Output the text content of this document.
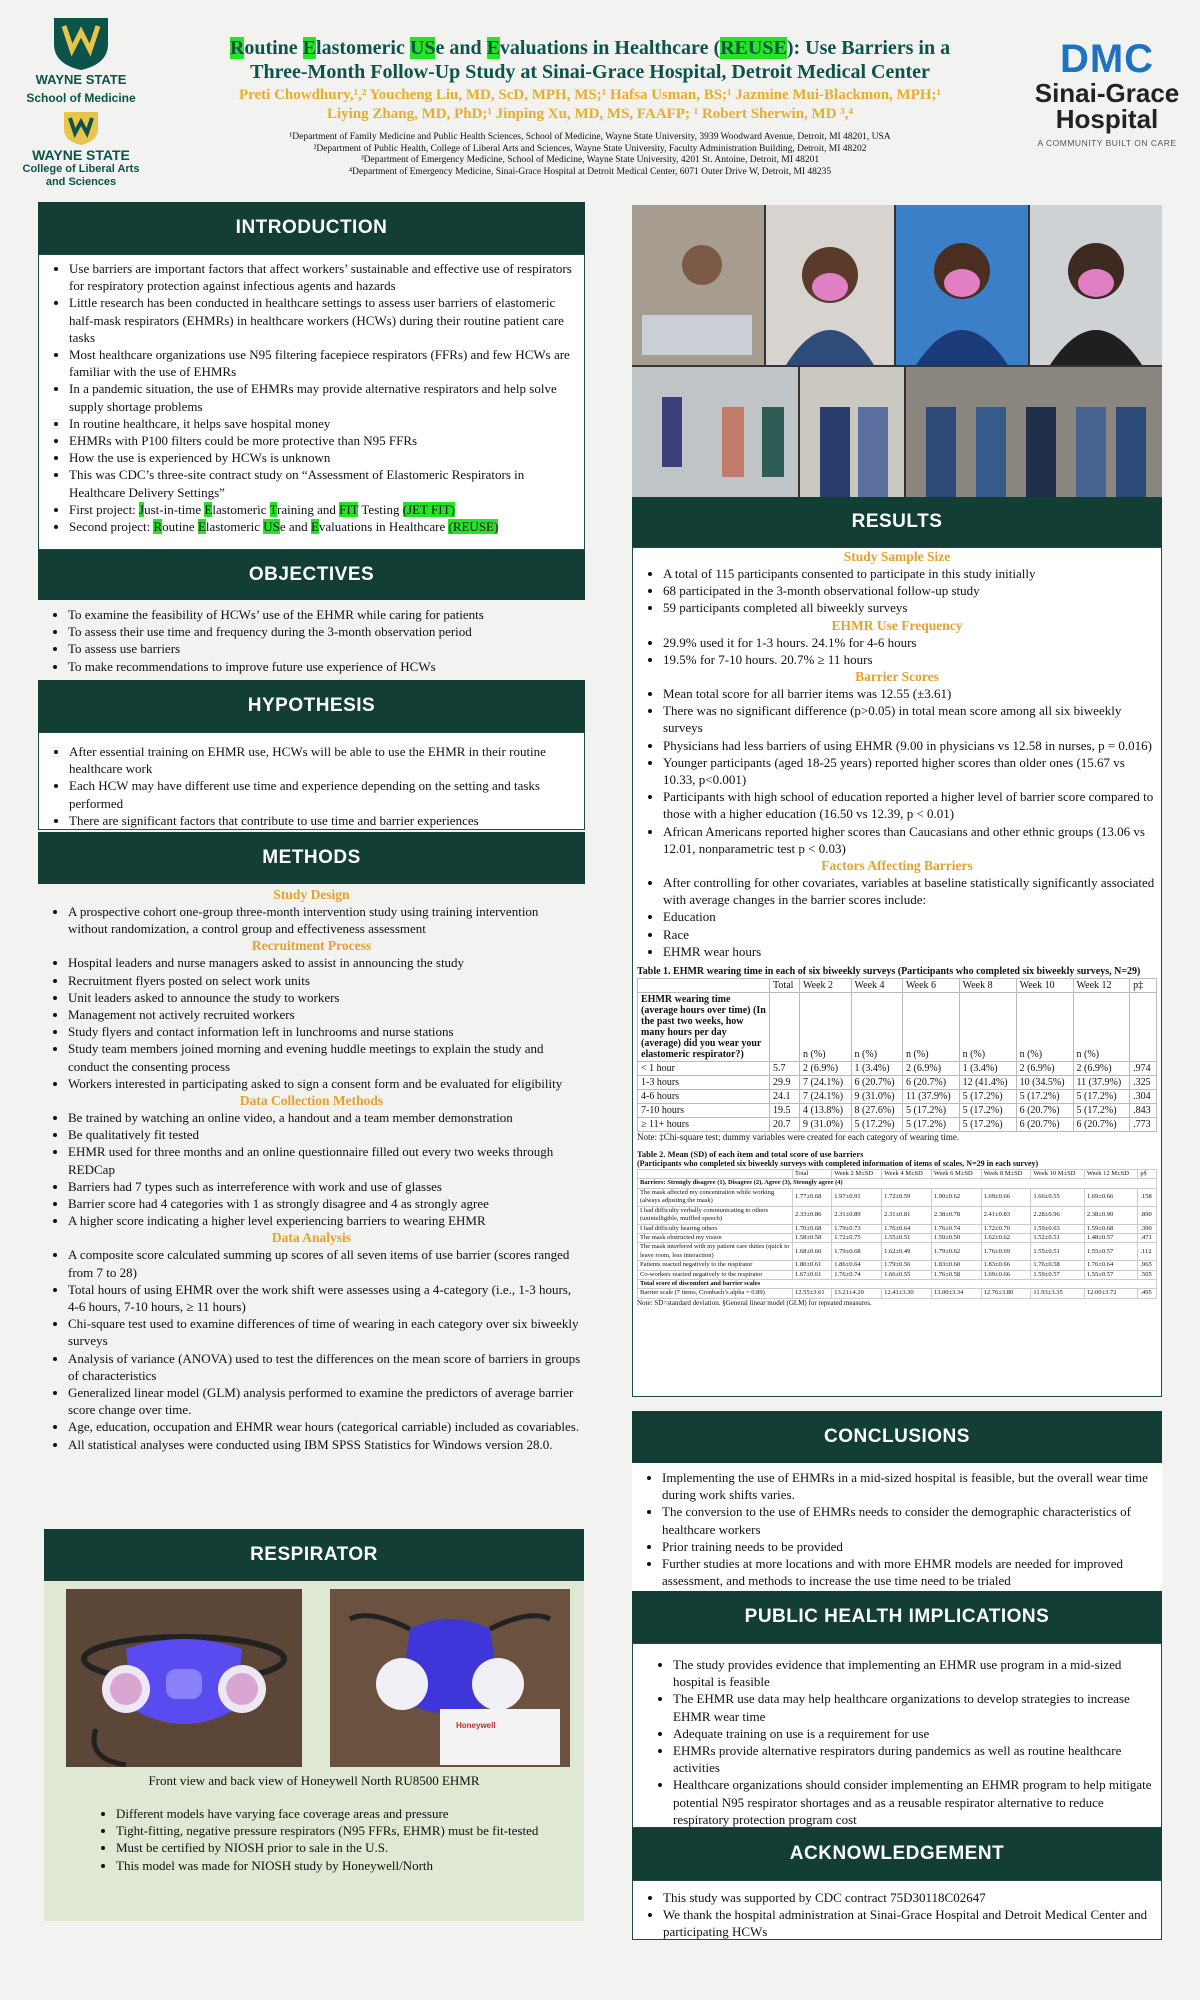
WAYNE STATE
School of Medicine
WAYNE STATE
College of Liberal Arts
and Sciences
Routine Elastomeric USe and Evaluations in Healthcare (REUSE): Use Barriers in a
Three-Month Follow-Up Study at Sinai-Grace Hospital, Detroit Medical Center
Preti Chowdhury,¹,² Youcheng Liu, MD, ScD, MPH, MS;¹ Hafsa Usman, BS;¹ Jazmine Mui-Blackmon, MPH;¹
Liying Zhang, MD, PhD;¹ Jinping Xu, MD, MS, FAAFP; ¹ Robert Sherwin, MD ³,⁴
¹Department of Family Medicine and Public Health Sciences, School of Medicine, Wayne State University, 3939 Woodward Avenue, Detroit, MI 48201, USA
²Department of Public Health, College of Liberal Arts and Sciences, Wayne State University, Faculty Administration Building, Detroit, MI 48202
³Department of Emergency Medicine, School of Medicine, Wayne State University, 4201 St. Antoine, Detroit, MI 48201
⁴Department of Emergency Medicine, Sinai-Grace Hospital at Detroit Medical Center, 6071 Outer Drive W, Detroit, MI 48235
DMC
Sinai-Grace
Hospital
A COMMUNITY BUILT ON CARE
INTRODUCTION
• Use barriers are important factors that affect workers’ sustainable and effective use of respirators for respiratory protection against infectious agents and hazards
• Little research has been conducted in healthcare settings to assess user barriers of elastomeric half-mask respirators (EHMRs) in healthcare workers (HCWs) during their routine patient care tasks
• Most healthcare organizations use N95 filtering facepiece respirators (FFRs) and few HCWs are familiar with the use of EHMRs
• In a pandemic situation, the use of EHMRs may provide alternative respirators and help solve supply shortage problems
• In routine healthcare, it helps save hospital money
• EHMRs with P100 filters could be more protective than N95 FFRs
• How the use is experienced by HCWs is unknown
• This was CDC’s three-site contract study on “Assessment of Elastomeric Respirators in Healthcare Delivery Settings”
• First project: Just-in-time Elastomeric Training and FIT Testing (JET FIT)
• Second project: Routine Elastomeric USe and Evaluations in Healthcare (REUSE)
OBJECTIVES
• To examine the feasibility of HCWs’ use of the EHMR while caring for patients
• To assess their use time and frequency during the 3-month observation period
• To assess use barriers
• To make recommendations to improve future use experience of HCWs
HYPOTHESIS
• After essential training on EHMR use, HCWs will be able to use the EHMR in their routine healthcare work
• Each HCW may have different use time and experience depending on the setting and tasks performed
• There are significant factors that contribute to use time and barrier experiences
METHODS
Study Design
• A prospective cohort one-group three-month intervention study using training intervention without randomization, a control group and effectiveness assessment
Recruitment Process
• Hospital leaders and nurse managers asked to assist in announcing the study
• Recruitment flyers posted on select work units
• Unit leaders asked to announce the study to workers
• Management not actively recruited workers
• Study flyers and contact information left in lunchrooms and nurse stations
• Study team members joined morning and evening huddle meetings to explain the study and conduct the consenting process
• Workers interested in participating asked to sign a consent form and be evaluated for eligibility
Data Collection Methods
• Be trained by watching an online video, a handout and a team member demonstration
• Be qualitatively fit tested
• EHMR used for three months and an online questionnaire filled out every two weeks through REDCap
• Barriers had 7 types such as interreference with work and use of glasses
• Barrier score had 4 categories with 1 as strongly disagree and 4 as strongly agree
• A higher score indicating a higher level experiencing barriers to wearing EHMR
Data Analysis
• A composite score calculated summing up scores of all seven items of use barrier (scores ranged from 7 to 28)
• Total hours of using EHMR over the work shift were assesses using a 4-category (i.e., 1-3 hours, 4-6 hours, 7-10 hours, ≥ 11 hours)
• Chi-square test used to examine differences of time of wearing in each category over six biweekly surveys
• Analysis of variance (ANOVA) used to test the differences on the mean score of barriers in groups of characteristics
• Generalized linear model (GLM) analysis performed to examine the predictors of average barrier score change over time.
• Age, education, occupation and EHMR wear hours (categorical carriable) included as covariables.
• All statistical analyses were conducted using IBM SPSS Statistics for Windows version 28.0.
RESPIRATOR
Honeywell
Front view and back view of Honeywell North RU8500 EHMR
• Different models have varying face coverage areas and pressure
• Tight-fitting, negative pressure respirators (N95 FFRs, EHMR) must be fit-tested
• Must be certified by NIOSH prior to sale in the U.S.
• This model was made for NIOSH study by Honeywell/North
RESULTS
Study Sample Size
• A total of 115 participants consented to participate in this study initially
• 68 participated in the 3-month observational follow-up study
• 59 participants completed all biweekly surveys
EHMR Use Frequency
• 29.9% used it for 1-3 hours. 24.1% for 4-6 hours
• 19.5% for 7-10 hours. 20.7% ≥ 11 hours
Barrier Scores
• Mean total score for all barrier items was 12.55 (±3.61)
• There was no significant difference (p>0.05) in total mean score among all six biweekly surveys
• Physicians had less barriers of using EHMR (9.00 in physicians vs 12.58 in nurses, p = 0.016)
• Younger participants (aged 18-25 years) reported higher scores than older ones (15.67 vs 10.33, p<0.001)
• Participants with high school of education reported a higher level of barrier score compared to those with a higher education (16.50 vs 12.39, p < 0.01)
• African Americans reported higher scores than Caucasians and other ethnic groups (13.06 vs 12.01, nonparametric test p < 0.03)
Factors Affecting Barriers
• After controlling for other covariates, variables at baseline statistically significantly associated with average changes in the barrier scores include:
• Education
• Race
• EHMR wear hours
Table 1. EHMR wearing time in each of six biweekly surveys (Participants who completed six biweekly surveys, N=29)
	Total	Week 2	Week 4	Week 6	Week 8	Week 10	Week 12	p‡
EHMR wearing time (average hours over time) (In the past two weeks, how many hours per day (average) did you wear your elastomeric respirator?)		n (%)	n (%)	n (%)	n (%)	n (%)	n (%)	
< 1 hour	5.7	2 (6.9%)	1 (3.4%)	2 (6.9%)	1 (3.4%)	2 (6.9%)	2 (6.9%)	.974
1-3 hours	29.9	7 (24.1%)	6 (20.7%)	6 (20.7%)	12 (41.4%)	10 (34.5%)	11 (37.9%)	.325
4-6 hours	24.1	7 (24.1%)	9 (31.0%)	11 (37.9%)	5 (17.2%)	5 (17.2%)	5 (17.2%)	.304
7-10 hours	19.5	4 (13.8%)	8 (27.6%)	5 (17.2%)	5 (17.2%)	6 (20.7%)	5 (17.2%)	.843
≥ 11+ hours	20.7	9 (31.0%)	5 (17.2%)	5 (17.2%)	5 (17.2%)	6 (20.7%)	6 (20.7%)	.773
Note: ‡Chi-square test; dummy variables were created for each category of wearing time.
Table 2. Mean (SD) of each item and total score of use barriers
(Participants who completed six biweekly surveys with completed information of items of scales, N=29 in each survey)
	Total	Week 2 M±SD	Week 4 M±SD	Week 6 M±SD	Week 8 M±SD	Week 10 M±SD	Week 12 M±SD	p§
Barriers: Strongly disagree (1), Disagree (2), Agree (3), Strongly agree (4)								
The mask affected my concentration while working (always adjusting the mask)	1.77±0.68	1.97±0.91	1.72±0.59	1.90±0.62	1.69±0.66	1.66±0.55	1.69±0.66	.158
I had difficulty verbally communicating to others (unintelligible, muffled speech)	2.33±0.86	2.31±0.89	2.31±0.81	2.38±0.78	2.41±0.83	2.28±0.96	2.38±0.90	.890
I had difficulty hearing others	1.70±0.68	1.79±0.73	1.76±0.64	1.76±0.74	1.72±0.70	1.59±0.63	1.59±0.68	.390
The mask obstructed my vision	1.58±0.58	1.72±0.75	1.55±0.51	1.59±0.50	1.62±0.62	1.52±0.51	1.48±0.57	.471
The mask interfered with my patient care duties (quick to leave room, less interaction)	1.68±0.60	1.79±0.68	1.62±0.49	1.79±0.62	1.76±0.69	1.55±0.51	1.55±0.57	.112
Patients reacted negatively to the respirator	1.80±0.61	1.86±0.64	1.79±0.56	1.83±0.60	1.83±0.66	1.76±0.58	1.76±0.64	.965
Co-workers reacted negatively to the respirator	1.67±0.61	1.76±0.74	1.66±0.55	1.76±0.58	1.69±0.66	1.59±0.57	1.55±0.57	.505
Total score of discomfort and barrier scales								
Barrier scale (7 items, Cronbach’s alpha = 0.89)	12.55±3.61	13.21±4.20	12.41±3.30	13.00±3.34	12.76±3.80	11.93±3.35	12.00±3.72	.495
Note: SD=standard deviation. §General linear model (GLM) for repeated measures.
CONCLUSIONS
• Implementing the use of EHMRs in a mid-sized hospital is feasible, but the overall wear time during work shifts varies.
• The conversion to the use of EHMRs needs to consider the demographic characteristics of healthcare workers
• Prior training needs to be provided
• Further studies at more locations and with more EHMR models are needed for improved assessment, and methods to increase the use time need to be trialed
PUBLIC HEALTH IMPLICATIONS
• The study provides evidence that implementing an EHMR use program in a mid-sized hospital is feasible
• The EHMR use data may help healthcare organizations to develop strategies to increase EHMR wear time
• Adequate training on use is a requirement for use
• EHMRs provide alternative respirators during pandemics as well as routine healthcare activities
• Healthcare organizations should consider implementing an EHMR program to help mitigate potential N95 respirator shortages and as a reusable respirator alternative to reduce respiratory protection program cost
ACKNOWLEDGEMENT
• This study was supported by CDC contract 75D30118C02647
• We thank the hospital administration at Sinai-Grace Hospital and Detroit Medical Center and participating HCWs
